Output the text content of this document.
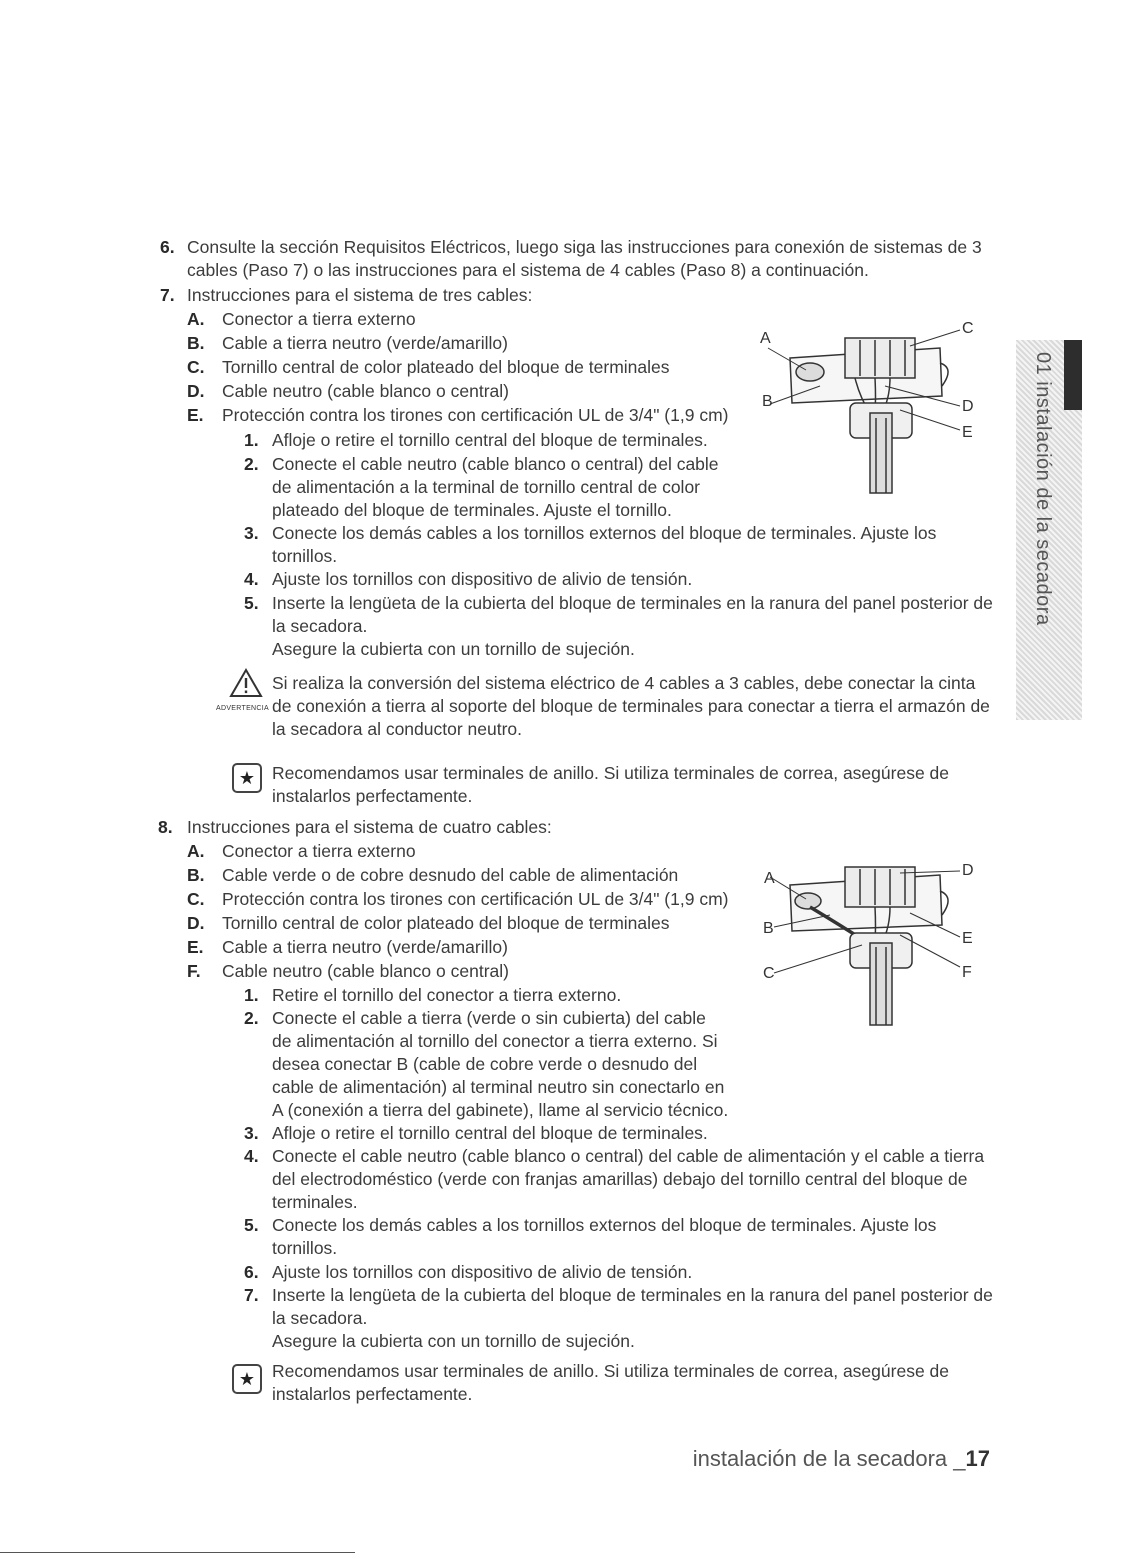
6. Consulte la sección Requisitos Eléctricos, luego siga las instrucciones para conexión de sistemas de 3
cables (Paso 7) o las instrucciones para el sistema de 4 cables (Paso 8) a continuación.
7. Instrucciones para el sistema de tres cables:
A. Conector a tierra externo
B. Cable a tierra neutro (verde/amarillo)
C. Tornillo central de color plateado del bloque de terminales
D. Cable neutro (cable blanco o central)
E. Protección contra los tirones con certificación UL de 3/4" (1,9 cm)
1. Afloje o retire el tornillo central del bloque de terminales.
2. Conecte el cable neutro (cable blanco o central) del cable
de alimentación a la terminal de tornillo central de color
plateado del bloque de terminales. Ajuste el tornillo.
3. Conecte los demás cables a los tornillos externos del bloque de terminales. Ajuste los
tornillos.
4. Ajuste los tornillos con dispositivo de alivio de tensión.
5. Inserte la lengüeta de la cubierta del bloque de terminales en la ranura del panel posterior de
la secadora.
Asegure la cubierta con un tornillo de sujeción.
ADVERTENCIA
Si realiza la conversión del sistema eléctrico de 4 cables a 3 cables, debe conectar la cinta
de conexión a tierra al soporte del bloque de terminales para conectar a tierra el armazón de
la secadora al conductor neutro.
★ Recomendamos usar terminales de anillo. Si utiliza terminales de correa, asegúrese de
instalarlos perfectamente.
A
B
C
D
E
8. Instrucciones para el sistema de cuatro cables:
A. Conector a tierra externo
B. Cable verde o de cobre desnudo del cable de alimentación
C. Protección contra los tirones con certificación UL de 3/4" (1,9 cm)
D. Tornillo central de color plateado del bloque de terminales
E. Cable a tierra neutro (verde/amarillo)
F. Cable neutro (cable blanco o central)
1. Retire el tornillo del conector a tierra externo.
2. Conecte el cable a tierra (verde o sin cubierta) del cable
de alimentación al tornillo del conector a tierra externo. Si
desea conectar B (cable de cobre verde o desnudo del
cable de alimentación) al terminal neutro sin conectarlo en
A (conexión a tierra del gabinete), llame al servicio técnico.
3. Afloje o retire el tornillo central del bloque de terminales.
4. Conecte el cable neutro (cable blanco o central) del cable de alimentación y el cable a tierra
del electrodoméstico (verde con franjas amarillas) debajo del tornillo central del bloque de
terminales.
5. Conecte los demás cables a los tornillos externos del bloque de terminales. Ajuste los
tornillos.
6. Ajuste los tornillos con dispositivo de alivio de tensión.
7. Inserte la lengüeta de la cubierta del bloque de terminales en la ranura del panel posterior de
la secadora.
Asegure la cubierta con un tornillo de sujeción.
★ Recomendamos usar terminales de anillo. Si utiliza terminales de correa, asegúrese de
instalarlos perfectamente.
A
B
C
D
E
F
01 instalación de la secadora
instalación de la secadora _17
